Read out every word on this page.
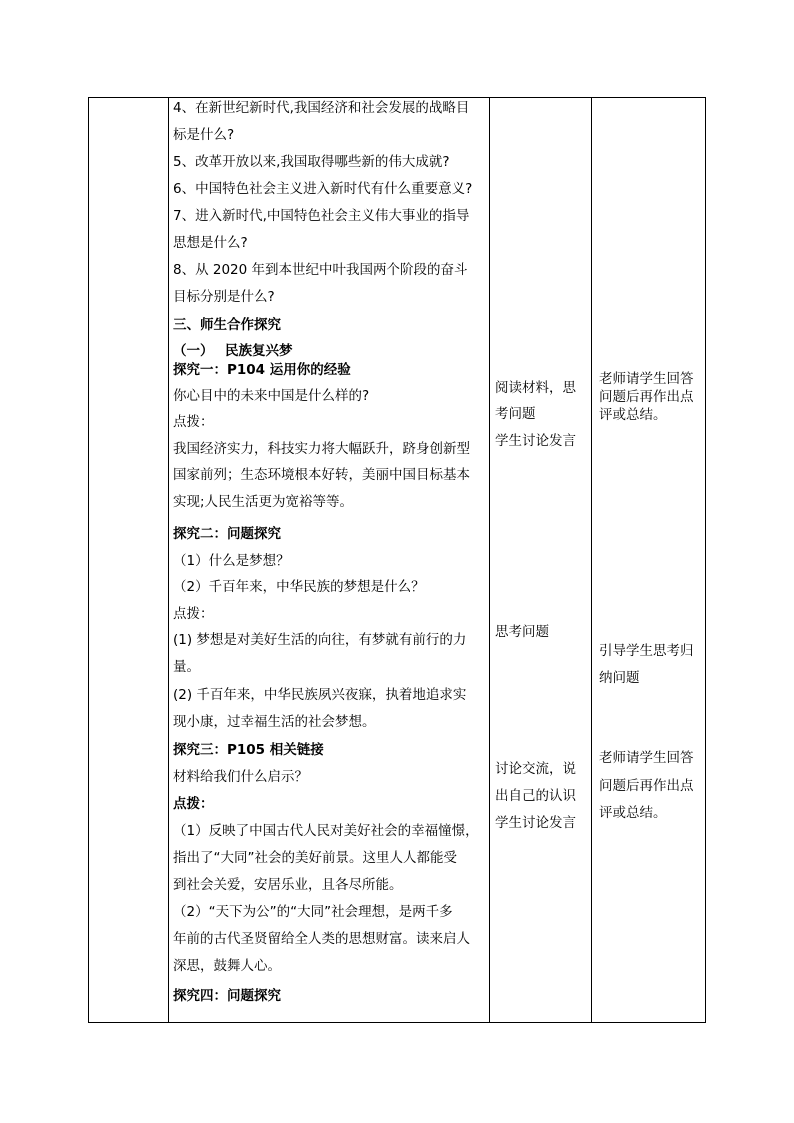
4、在新世纪新时代,我国经济和社会发展的战略目
标是什么?
5、改革开放以来,我国取得哪些新的伟大成就?
6、中国特色社会主义进入新时代有什么重要意义?
7、进入新时代,中国特色社会主义伟大事业的指导
思想是什么?
8、从 2020 年到本世纪中叶我国两个阶段的奋斗
目标分别是什么?
三、师生合作探究
（一）　 民族复兴梦
探究一：P104 运用你的经验
你心目中的未来中国是什么样的?
点拨：
我国经济实力，科技实力将大幅跃升，跻身创新型
国家前列；生态环境根本好转，美丽中国目标基本
实现;人民生活更为宽裕等等。
探究二：问题探究
（1）什么是梦想？
（2）千百年来，中华民族的梦想是什么？
点拨：
(1) 梦想是对美好生活的向往，有梦就有前行的力
量。
(2) 千百年来，中华民族夙兴夜寐，执着地追求实
现小康，过幸福生活的社会梦想。
探究三：P105 相关链接
材料给我们什么启示？
点拨：
（1）反映了中国古代人民对美好社会的幸福憧憬，
指出了“大同”社会的美好前景。这里人人都能受
到社会关爱，安居乐业，且各尽所能。
（2）“天下为公”的“大同”社会理想，是两千多
年前的古代圣贤留给全人类的思想财富。读来启人
深思，鼓舞人心。
探究四：问题探究
阅读材料，思
考问题
学生讨论发言
思考问题
讨论交流，说
出自己的认识
学生讨论发言
老师请学生回答
问题后再作出点
评或总结。
引导学生思考归
纳问题
老师请学生回答
问题后再作出点
评或总结。
